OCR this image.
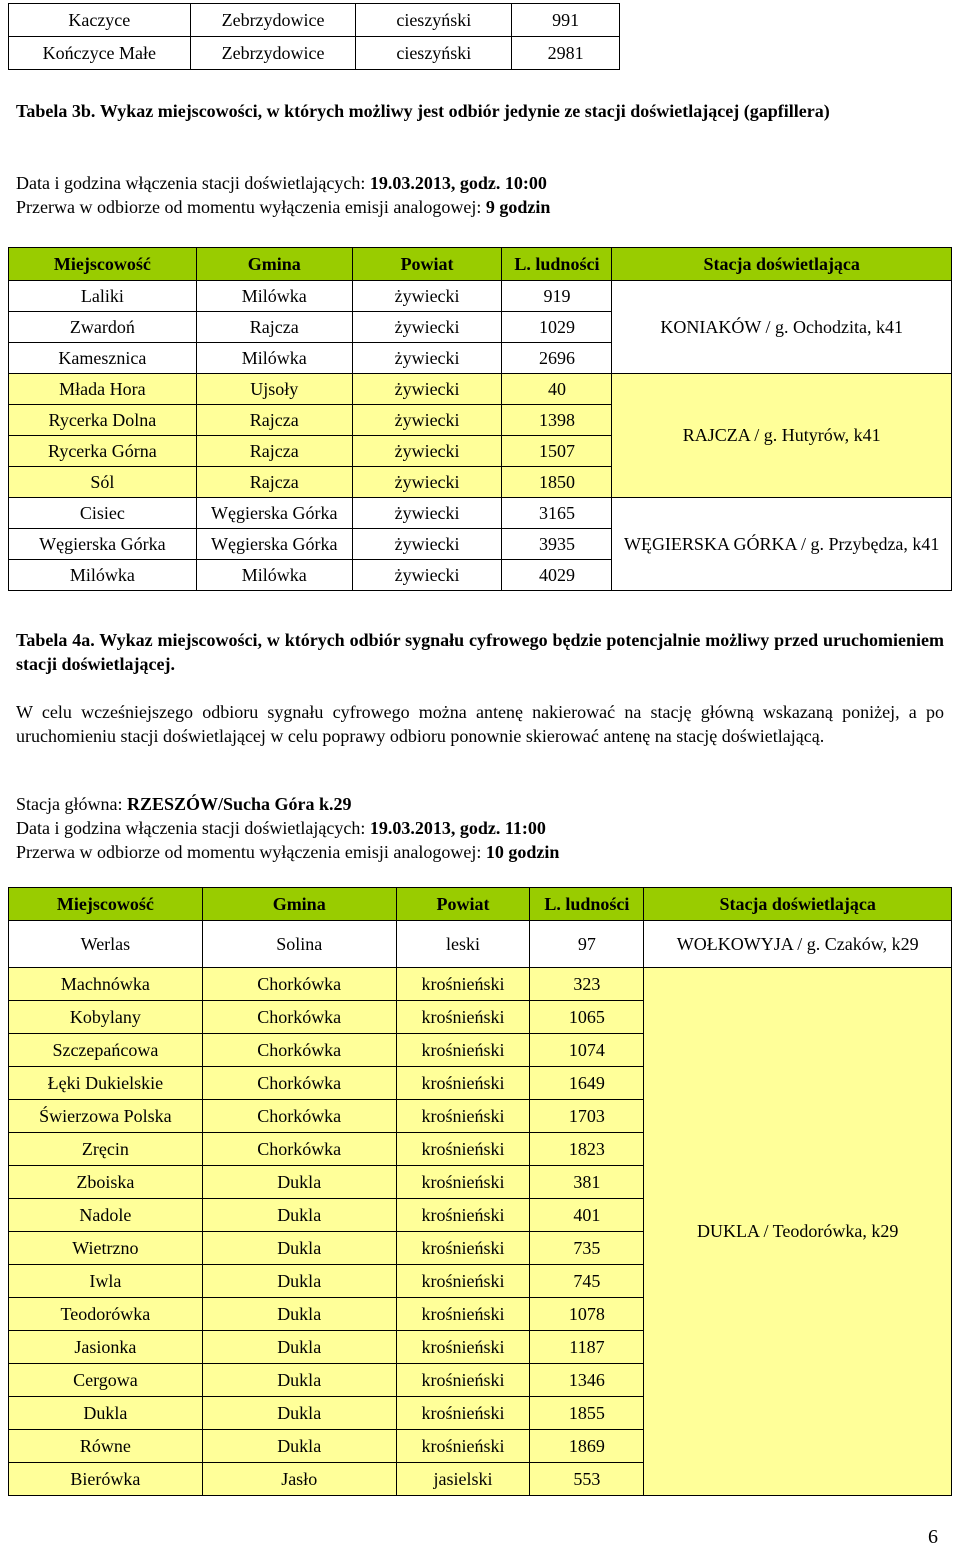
Kaczyce	Zebrzydowice	cieszyński	991
Kończyce Małe	Zebrzydowice	cieszyński	2981
Tabela 3b. Wykaz miejscowości, w których możliwy jest odbiór jedynie ze stacji doświetlającej (gapfillera)
Data i godzina włączenia stacji doświetlających: 19.03.2013, godz. 10:00
Przerwa w odbiorze od momentu wyłączenia emisji analogowej: 9 godzin
Miejscowość	Gmina	Powiat	L. ludności	Stacja doświetlająca
Laliki	Milówka	żywiecki	919	KONIAKÓW / g. Ochodzita, k41
Zwardoń	Rajcza	żywiecki	1029	
Kamesznica	Milówka	żywiecki	2696	
Młada Hora	Ujsoły	żywiecki	40	RAJCZA / g. Hutyrów, k41
Rycerka Dolna	Rajcza	żywiecki	1398	
Rycerka Górna	Rajcza	żywiecki	1507	
Sól	Rajcza	żywiecki	1850	
Cisiec	Węgierska Górka	żywiecki	3165	WĘGIERSKA GÓRKA / g. Przybędza, k41
Węgierska Górka	Węgierska Górka	żywiecki	3935	
Milówka	Milówka	żywiecki	4029	
Tabela 4a. Wykaz miejscowości, w których odbiór sygnału cyfrowego będzie potencjalnie możliwy przed uruchomieniem stacji doświetlającej.
W celu wcześniejszego odbioru sygnału cyfrowego można antenę nakierować na stację główną wskazaną poniżej, a po uruchomieniu stacji doświetlającej w celu poprawy odbioru ponownie skierować antenę na stację doświetlającą.
Stacja główna: RZESZÓW/Sucha Góra k.29
Data i godzina włączenia stacji doświetlających: 19.03.2013, godz. 11:00
Przerwa w odbiorze od momentu wyłączenia emisji analogowej: 10 godzin
Miejscowość	Gmina	Powiat	L. ludności	Stacja doświetlająca
Werlas	Solina	leski	97	WOŁKOWYJA / g. Czaków, k29
Machnówka	Chorkówka	krośnieński	323	DUKLA / Teodorówka, k29
Kobylany	Chorkówka	krośnieński	1065	
Szczepańcowa	Chorkówka	krośnieński	1074	
Łęki Dukielskie	Chorkówka	krośnieński	1649	
Świerzowa Polska	Chorkówka	krośnieński	1703	
Zręcin	Chorkówka	krośnieński	1823	
Zboiska	Dukla	krośnieński	381	
Nadole	Dukla	krośnieński	401	
Wietrzno	Dukla	krośnieński	735	
Iwla	Dukla	krośnieński	745	
Teodorówka	Dukla	krośnieński	1078	
Jasionka	Dukla	krośnieński	1187	
Cergowa	Dukla	krośnieński	1346	
Dukla	Dukla	krośnieński	1855	
Równe	Dukla	krośnieński	1869	
Bierówka	Jasło	jasielski	553	
6
